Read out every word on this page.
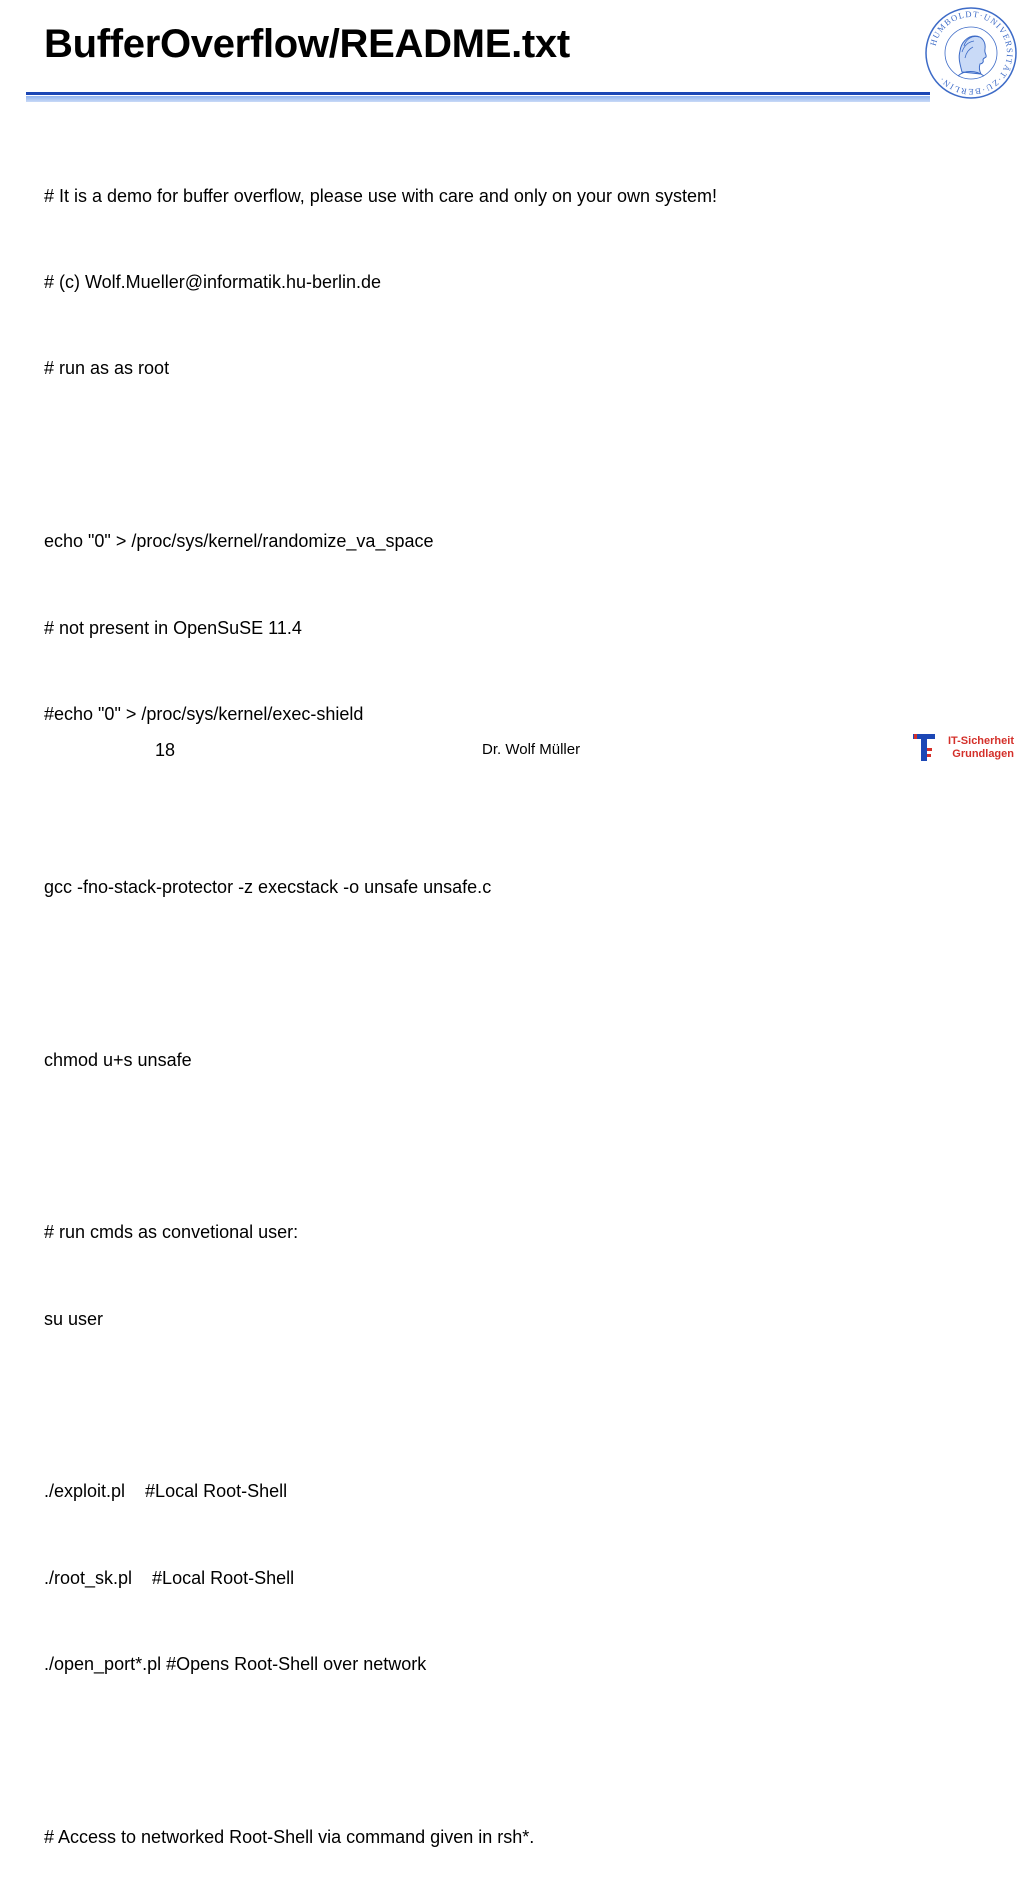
BufferOverflow/README.txt	HUMBOLDT·UNIVERSITÄT·ZU·BERLIN·

# It is a demo for buffer overflow, please use with care and only on your own system!

# (c) Wolf.Mueller@informatik.hu-berlin.de

# run as as root

echo "0" > /proc/sys/kernel/randomize_va_space

# not present in OpenSuSE 11.4

#echo "0" > /proc/sys/kernel/exec-shield

gcc -fno-stack-protector -z execstack -o unsafe unsafe.c

chmod u+s unsafe

# run cmds as convetional user:

su user

./exploit.pl    #Local Root-Shell

./root_sk.pl    #Local Root-Shell

./open_port*.pl #Opens Root-Shell over network

# Access to networked Root-Shell via command given in rsh*.

18	Dr. Wolf Müller	IT-Sicherheit
Grundlagen
